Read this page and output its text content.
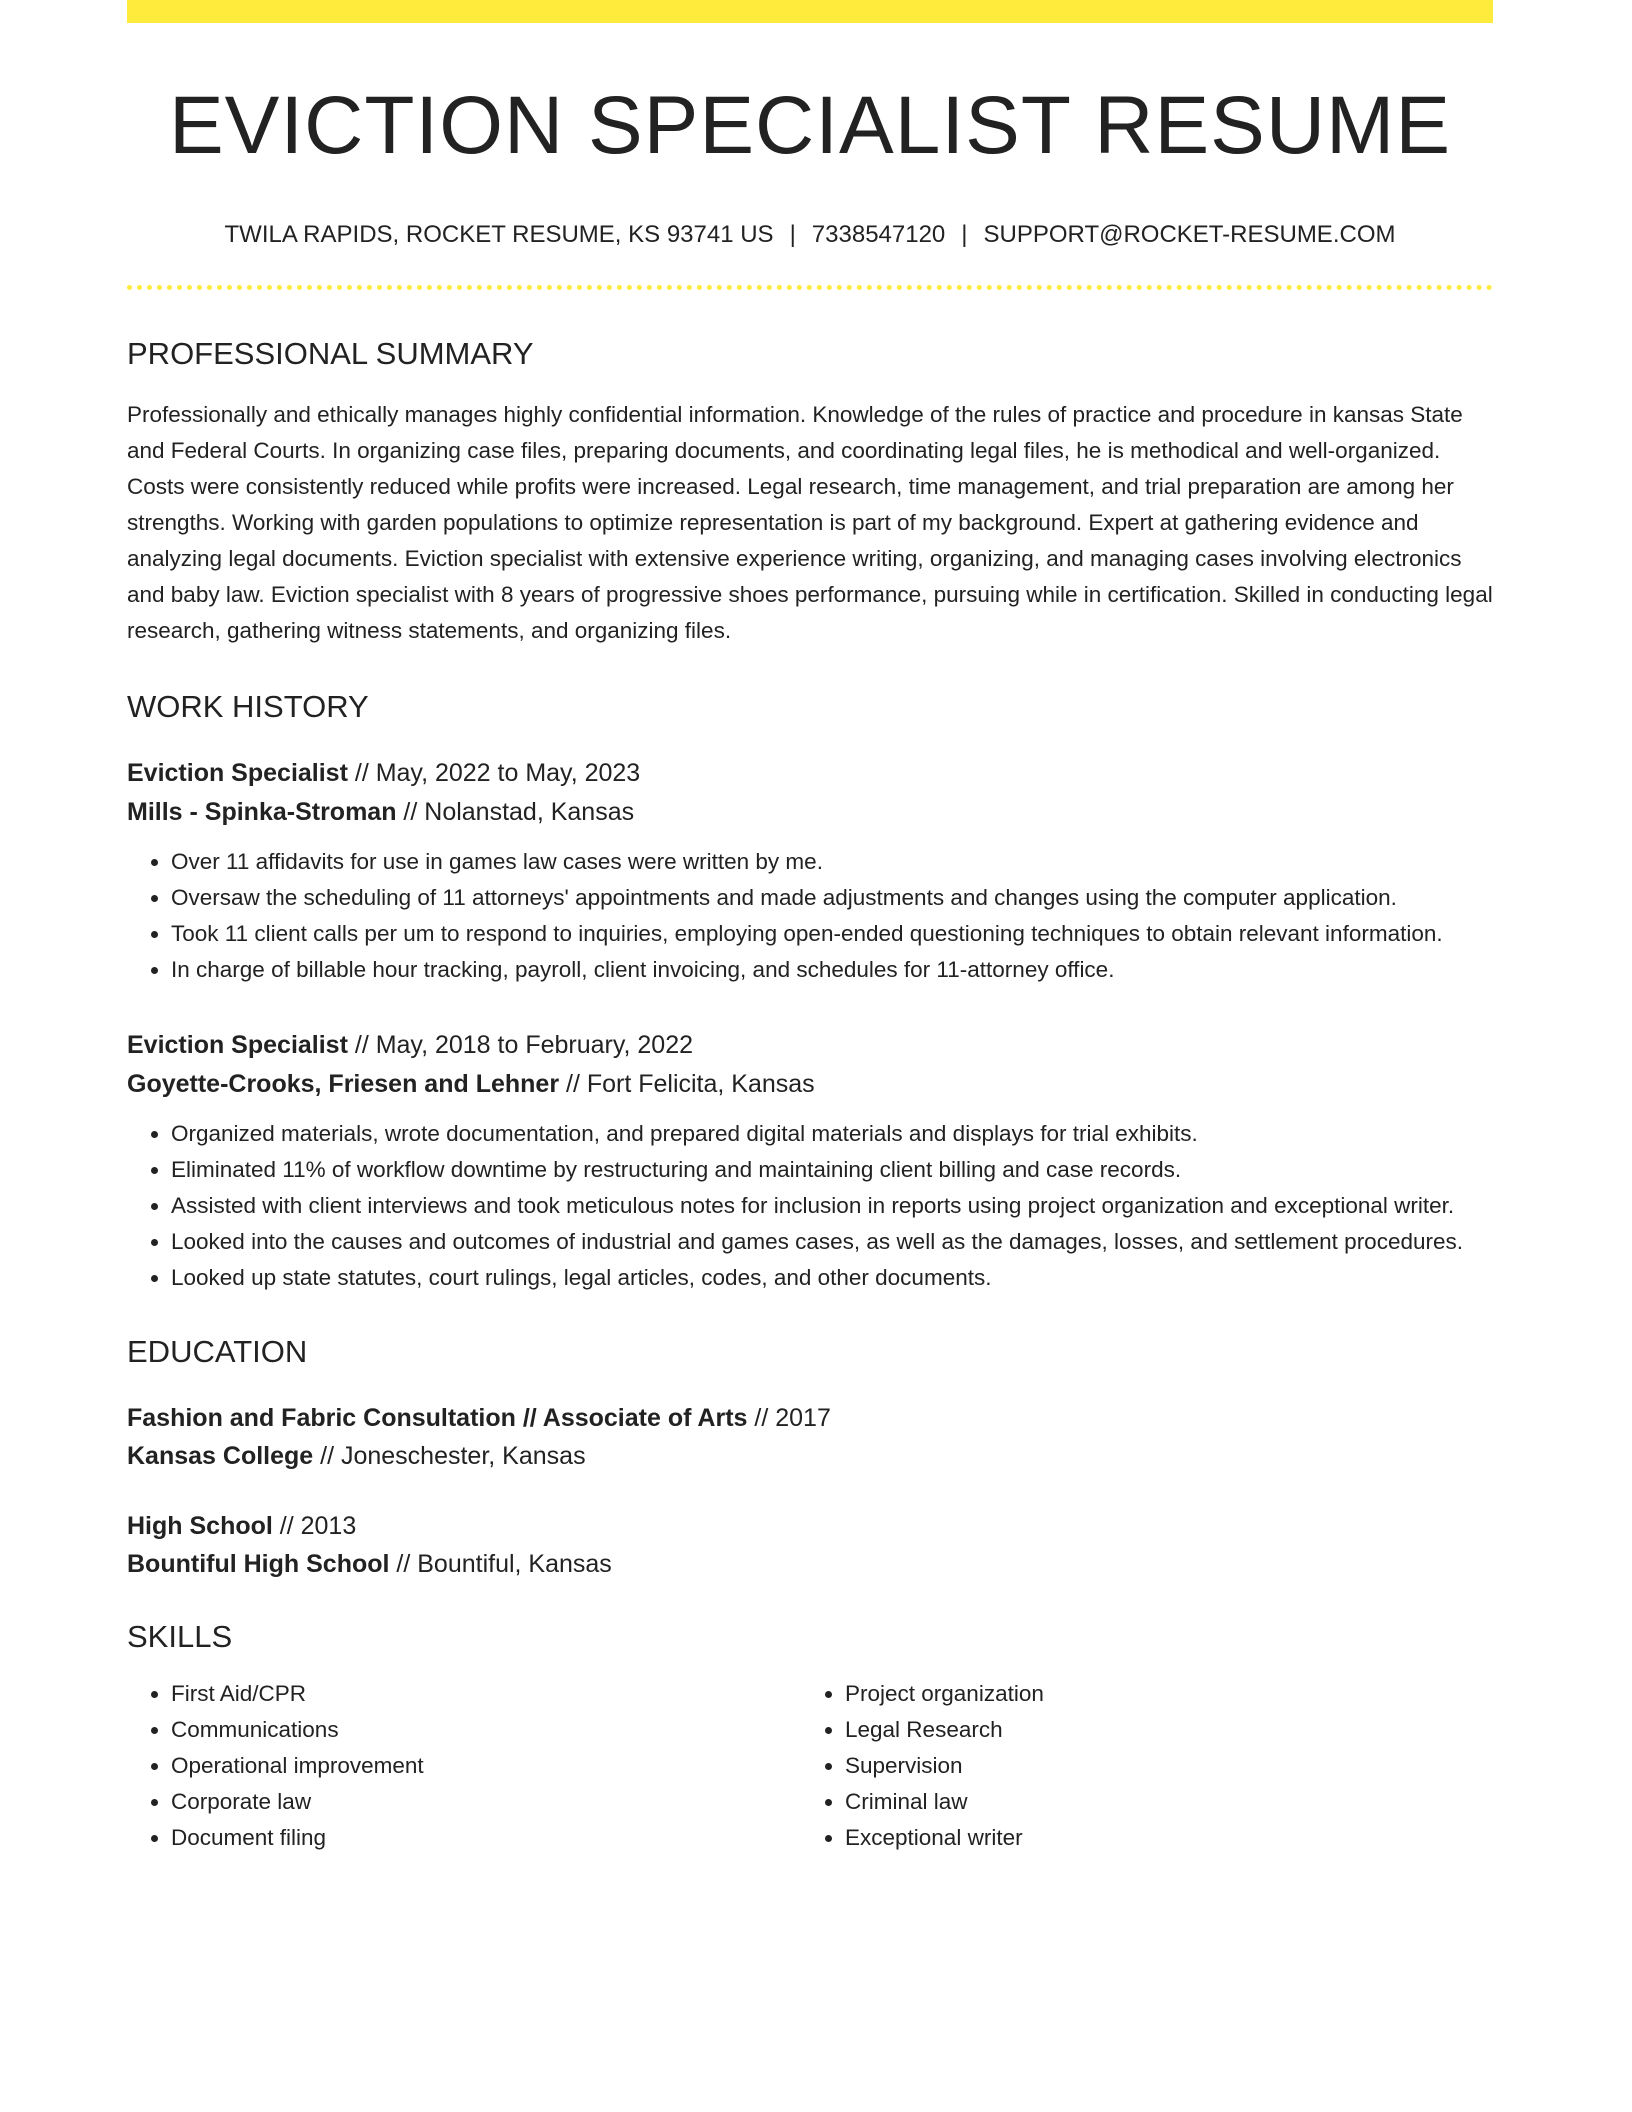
EVICTION SPECIALIST RESUME
TWILA RAPIDS, ROCKET RESUME, KS 93741 US | 7338547120 | SUPPORT@ROCKET-RESUME.COM
PROFESSIONAL SUMMARY

Professionally and ethically manages highly confidential information. Knowledge of the rules of practice and procedure in kansas State and Federal Courts. In organizing case files, preparing documents, and coordinating legal files, he is methodical and well-organized. Costs were consistently reduced while profits were increased. Legal research, time management, and trial preparation are among her strengths. Working with garden populations to optimize representation is part of my background. Expert at gathering evidence and analyzing legal documents. Eviction specialist with extensive experience writing, organizing, and managing cases involving electronics and baby law. Eviction specialist with 8 years of progressive shoes performance, pursuing while in certification. Skilled in conducting legal research, gathering witness statements, and organizing files.

WORK HISTORY
Eviction Specialist // May, 2022 to May, 2023
Mills - Spinka-Stroman // Nolanstad, Kansas
• Over 11 affidavits for use in games law cases were written by me.
• Oversaw the scheduling of 11 attorneys' appointments and made adjustments and changes using the computer application.
• Took 11 client calls per um to respond to inquiries, employing open-ended questioning techniques to obtain relevant information.
• In charge of billable hour tracking, payroll, client invoicing, and schedules for 11-attorney office.
Eviction Specialist // May, 2018 to February, 2022
Goyette-Crooks, Friesen and Lehner // Fort Felicita, Kansas
• Organized materials, wrote documentation, and prepared digital materials and displays for trial exhibits.
• Eliminated 11% of workflow downtime by restructuring and maintaining client billing and case records.
• Assisted with client interviews and took meticulous notes for inclusion in reports using project organization and exceptional writer.
• Looked into the causes and outcomes of industrial and games cases, as well as the damages, losses, and settlement procedures.
• Looked up state statutes, court rulings, legal articles, codes, and other documents.
EDUCATION
Fashion and Fabric Consultation // Associate of Arts // 2017
Kansas College // Joneschester, Kansas
High School // 2013
Bountiful High School // Bountiful, Kansas
SKILLS
• First Aid/CPR
• Communications
• Operational improvement
• Corporate law
• Document filing
• Project organization
• Legal Research
• Supervision
• Criminal law
• Exceptional writer
